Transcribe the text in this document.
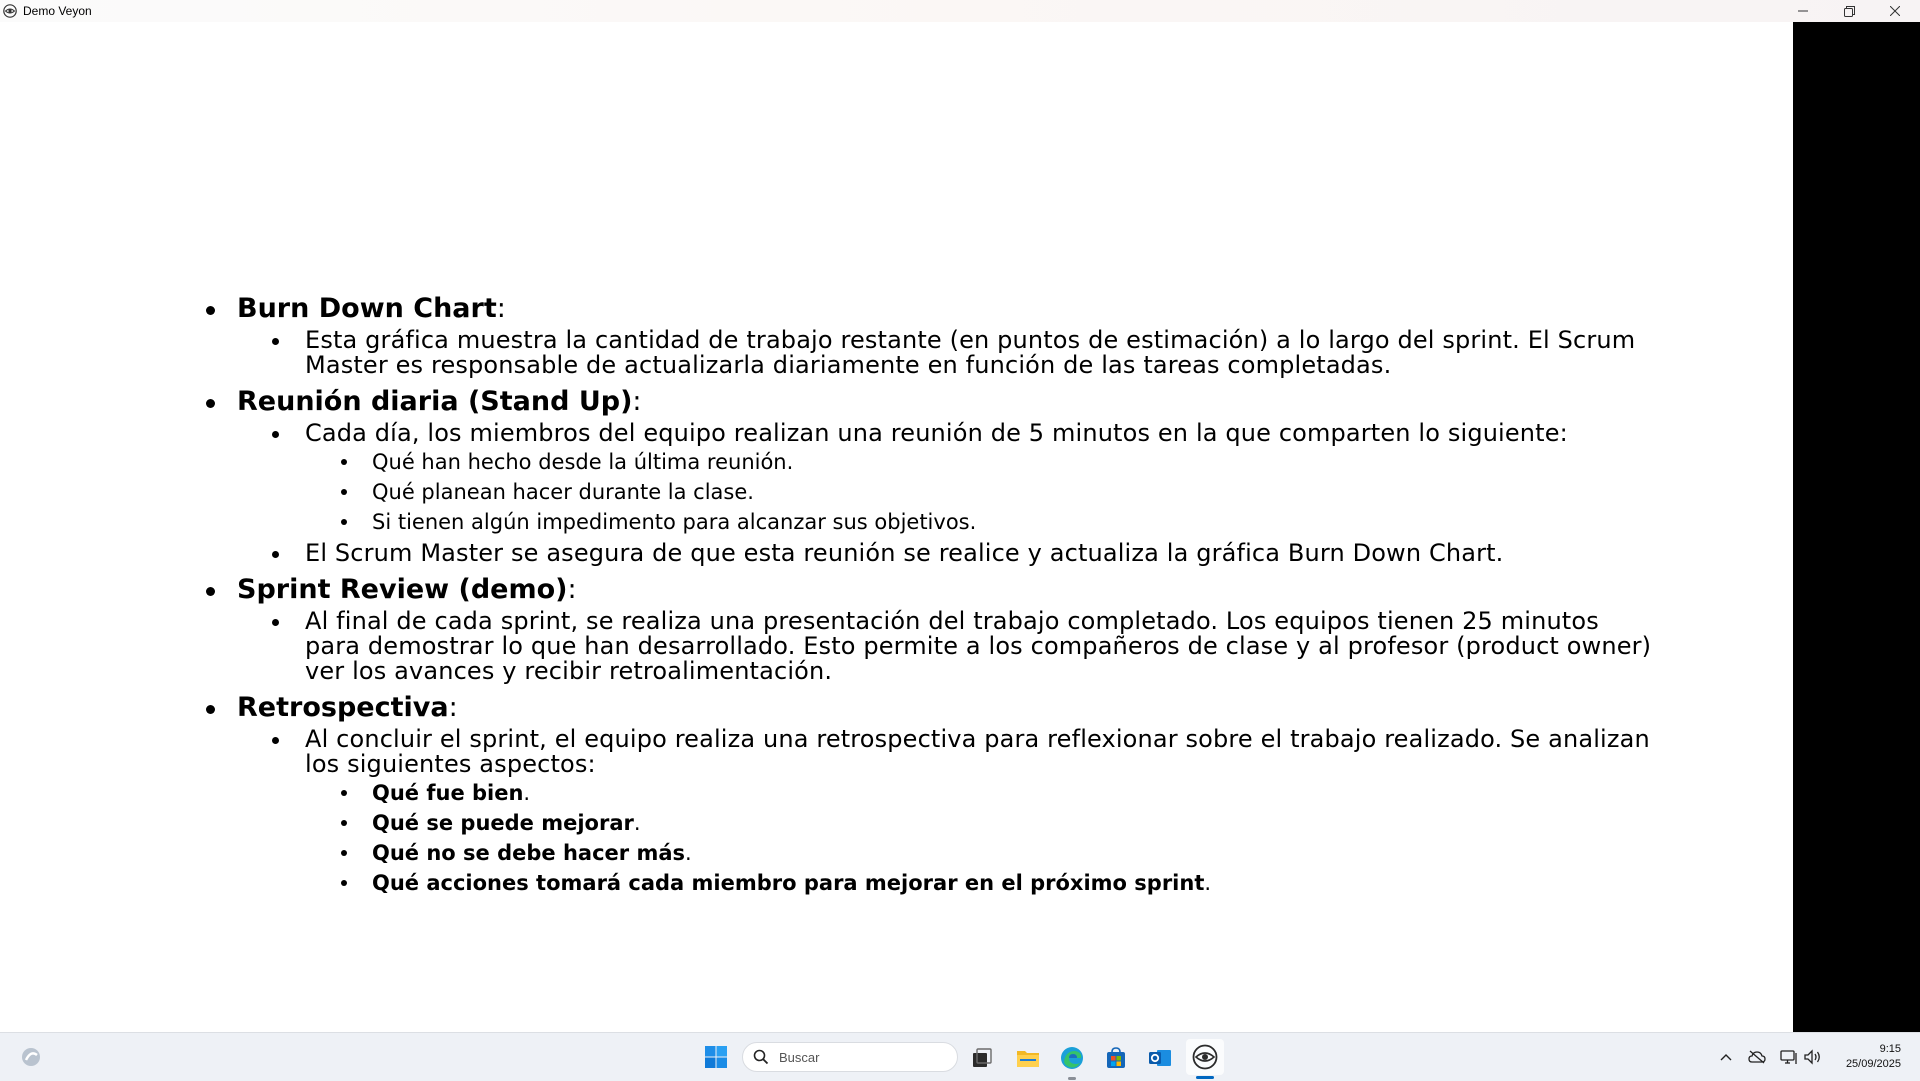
Demo Veyon
Burn Down Chart:
Esta gráfica muestra la cantidad de trabajo restante (en puntos de estimación) a lo largo del sprint. El Scrum Master es responsable de actualizarla diariamente en función de las tareas completadas.
Reunión diaria (Stand Up):
Cada día, los miembros del equipo realizan una reunión de 5 minutos en la que comparten lo siguiente:
Qué han hecho desde la última reunión.
Qué planean hacer durante la clase.
Si tienen algún impedimento para alcanzar sus objetivos.
El Scrum Master se asegura de que esta reunión se realice y actualiza la gráfica Burn Down Chart.
Sprint Review (demo):
Al final de cada sprint, se realiza una presentación del trabajo completado. Los equipos tienen 25 minutos para demostrar lo que han desarrollado. Esto permite a los compañeros de clase y al profesor (product owner) ver los avances y recibir retroalimentación.
Retrospectiva:
Al concluir el sprint, el equipo realiza una retrospectiva para reflexionar sobre el trabajo realizado. Se analizan los siguientes aspectos:
Qué fue bien.
Qué se puede mejorar.
Qué no se debe hacer más.
Qué acciones tomará cada miembro para mejorar en el próximo sprint.
Buscar
9:15
25/09/2025
